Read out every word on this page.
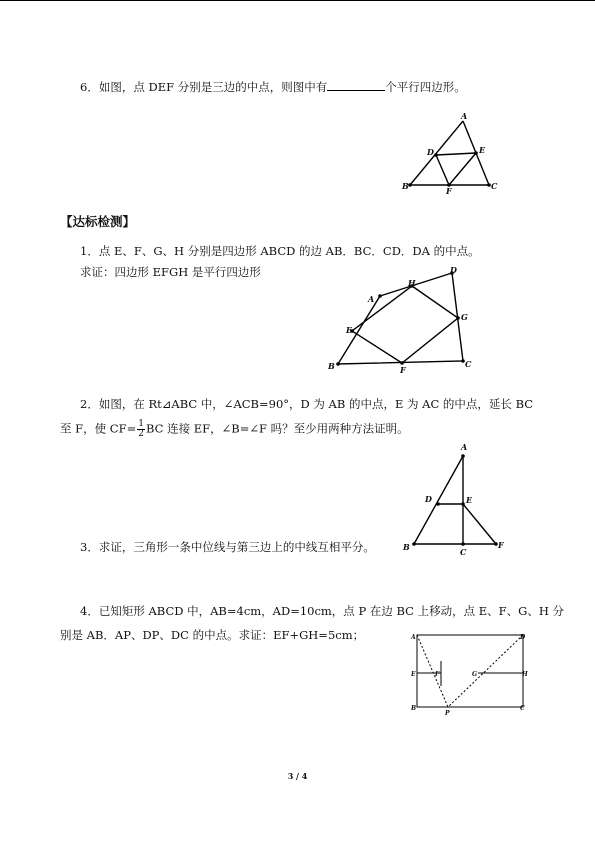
6．如图，点 DEF 分别是三边的中点，则图中有	个平行四边形。
A
D	E
B	F	C
【达标检测】
1．点 E、F、G、H 分别是四边形 ABCD 的边 AB．BC．CD．DA 的中点。
求证：四边形 EFGH 是平行四边形
A
H
D
E
G
B	F
C
2．如图，在 Rt⊿ABC 中，∠ACB=90°，D 为 AB 的中点，E 为 AC 的中点，延长 BC
至 F，使 $CF= \frac{1}{2}$ BC 连接 EF，∠B=∠F 吗？至少用两种方法证明。
A
D	E
B	C
F
3．求证，三角形一条中位线与第三边上的中线互相平分。
4．已知矩形 ABCD 中，AB=4cm，AD=10cm，点 P 在边 BC 上移动，点 E、F、G、H 分
别是 AB．AP、DP、DC 的中点。求证：EF+GH=5cm；	A	D
E	F	G	H
B
P
C
3 / 4
